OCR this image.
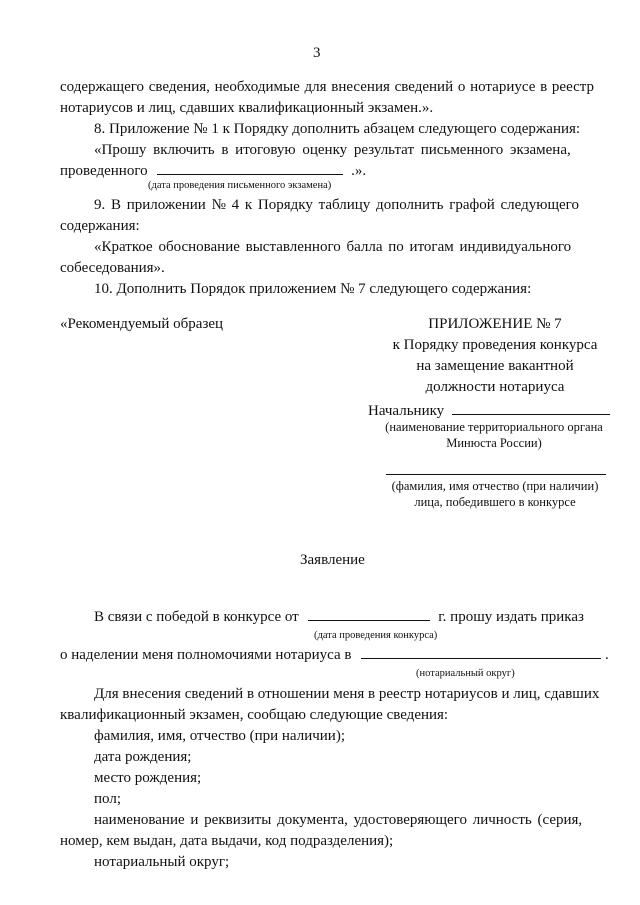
3
содержащего сведения, необходимые для внесения сведений о нотариусе в реестр
нотариусов и лиц, сдавших квалификационный экзамен.».
8. Приложение № 1 к Порядку дополнить абзацем следующего содержания:
«Прошу включить в итоговую оценку результат письменного экзамена,
проведенного	.».
(дата проведения письменного экзамена)
9. В приложении № 4 к Порядку таблицу дополнить графой следующего
содержания:
«Краткое обоснование выставленного балла по итогам индивидуального
собеседования».
10. Дополнить Порядок приложением № 7 следующего содержания:
«Рекомендуемый образец	ПРИЛОЖЕНИЕ № 7
к Порядку проведения конкурса
на замещение вакантной
должности нотариуса
Начальнику
(наименование территориального органа
Минюста России)
(фамилия, имя отчество (при наличии)
лица, победившего в конкурсе
Заявление
В связи с победой в конкурсе от	г. прошу издать приказ
(дата проведения конкурса)
о наделении меня полномочиями нотариуса в	.
(нотариальный округ)
Для внесения сведений в отношении меня в реестр нотариусов и лиц, сдавших
квалификационный экзамен, сообщаю следующие сведения:
фамилия, имя, отчество (при наличии);
дата рождения;
место рождения;
пол;
наименование и реквизиты документа, удостоверяющего личность (серия,
номер, кем выдан, дата выдачи, код подразделения);
нотариальный округ;
